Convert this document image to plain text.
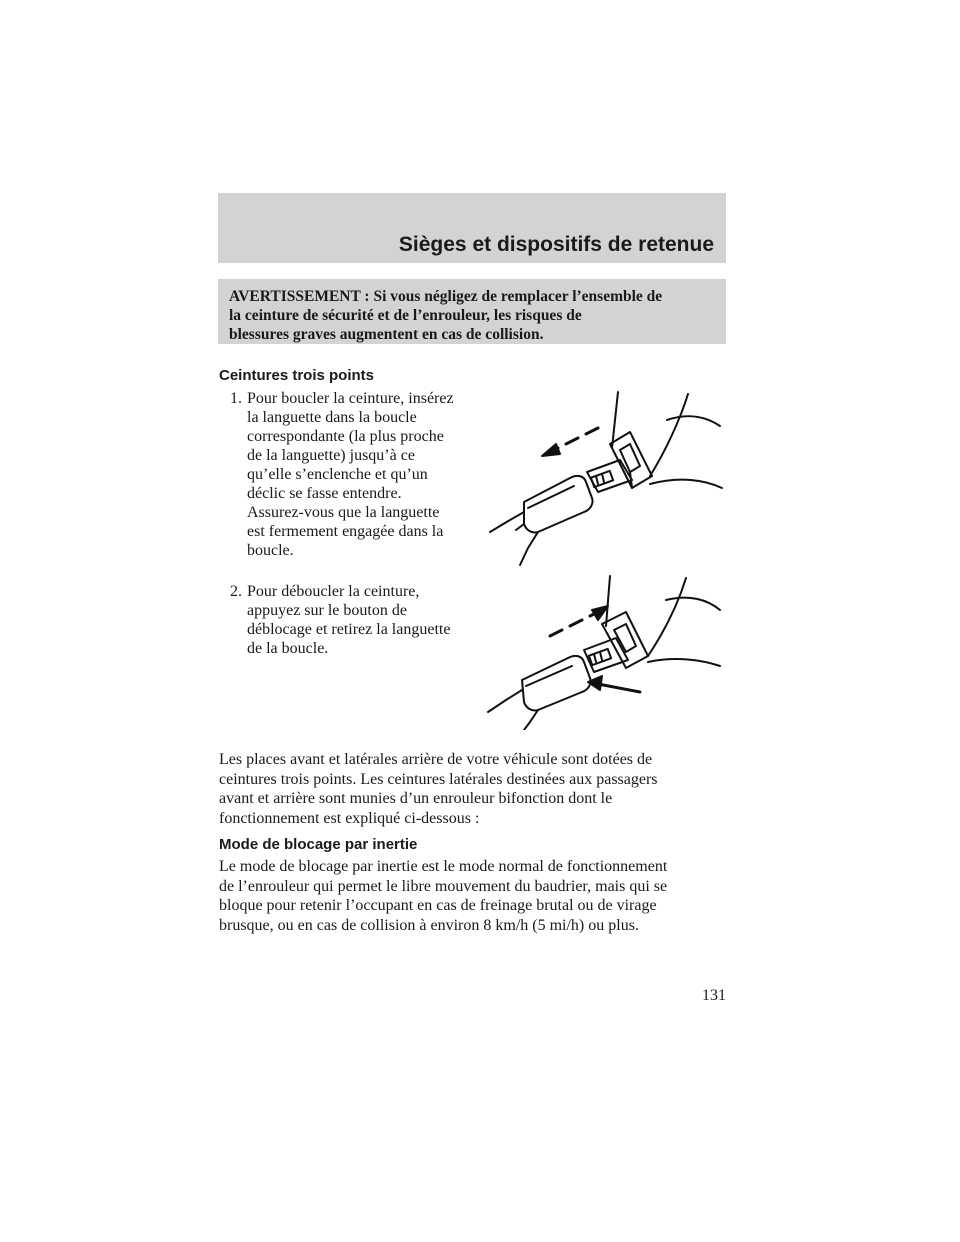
Sièges et dispositifs de retenue
AVERTISSEMENT : Si vous négligez de remplacer l’ensemble de
la ceinture de sécurité et de l’enrouleur, les risques de
blessures graves augmentent en cas de collision.
Ceintures trois points
1. Pour boucler la ceinture, insérez
la languette dans la boucle
correspondante (la plus proche
de la languette) jusqu’à ce
qu’elle s’enclenche et qu’un
déclic se fasse entendre.
Assurez-vous que la languette
est fermement engagée dans la
boucle.
2. Pour déboucler la ceinture,
appuyez sur le bouton de
déblocage et retirez la languette
de la boucle.
Les places avant et latérales arrière de votre véhicule sont dotées de
ceintures trois points. Les ceintures latérales destinées aux passagers
avant et arrière sont munies d’un enrouleur bifonction dont le
fonctionnement est expliqué ci-dessous :
Mode de blocage par inertie
Le mode de blocage par inertie est le mode normal de fonctionnement
de l’enrouleur qui permet le libre mouvement du baudrier, mais qui se
bloque pour retenir l’occupant en cas de freinage brutal ou de virage
brusque, ou en cas de collision à environ 8 km/h (5 mi/h) ou plus.
131
